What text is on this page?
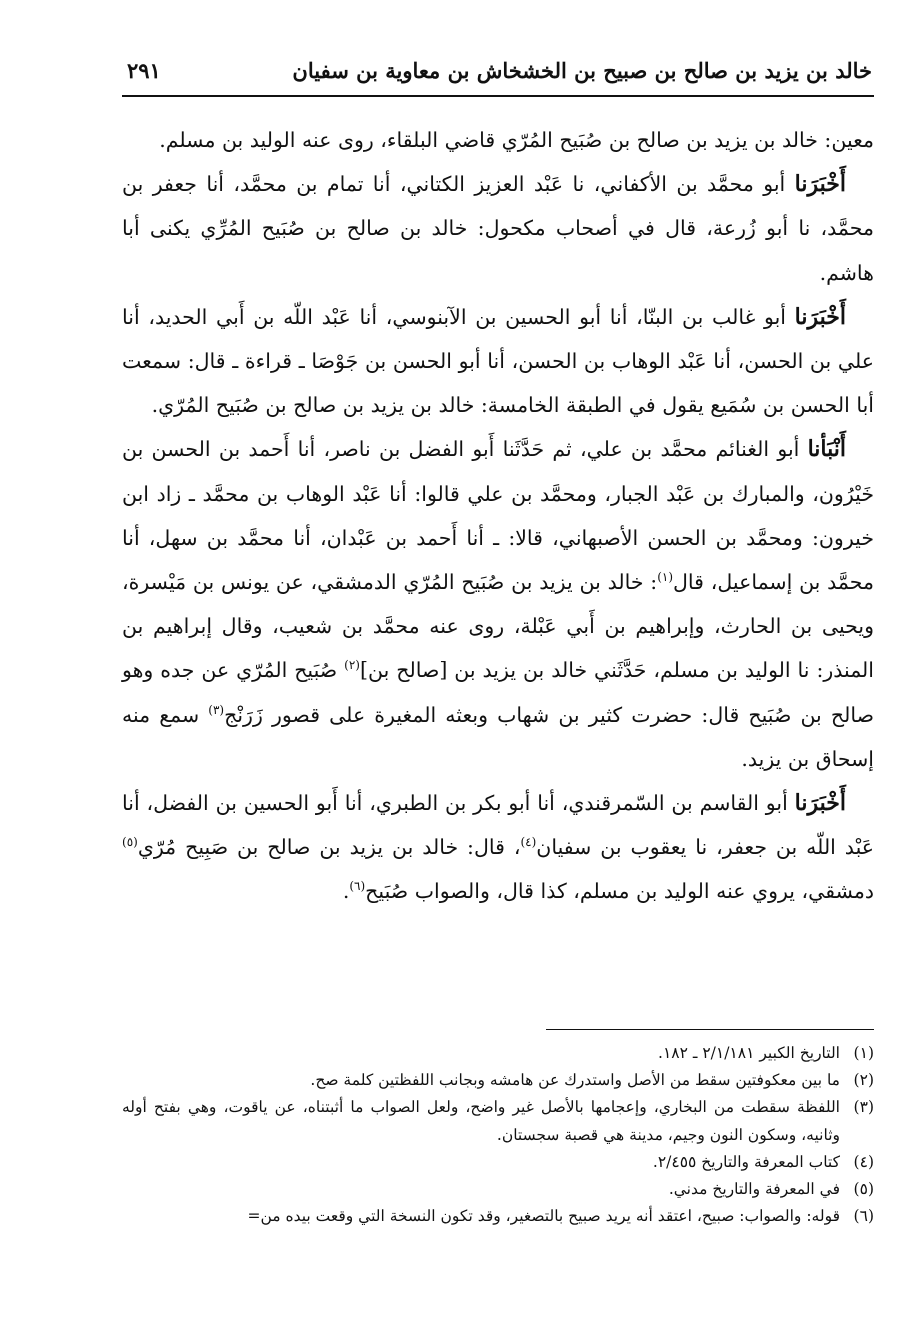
خالد بن يزيد بن صالح بن صبيح بن الخشخاش بن معاوية بن سفيان
٢٩١

معين: خالد بن يزيد بن صالح بن صُبَيح المُرّي قاضي البلقاء، روى عنه الوليد بن مسلم.

أَخْبَرَنا أبو محمَّد بن الأكفاني، نا عَبْد العزيز الكتاني، أنا تمام بن محمَّد، أنا جعفر بن محمَّد، نا أبو زُرعة، قال في أصحاب مكحول: خالد بن صالح بن صُبَيح المُرِّي يكنى أبا هاشم.

أَخْبَرَنا أبو غالب بن البنّا، أنا أبو الحسين بن الآبنوسي، أنا عَبْد اللّه بن أَبي الحديد، أنا علي بن الحسن، أنا عَبْد الوهاب بن الحسن، أنا أبو الحسن بن جَوْصَا ـ قراءة ـ قال: سمعت أبا الحسن بن سُمَيع يقول في الطبقة الخامسة: خالد بن يزيد بن صالح بن صُبَيح المُرّي.

أَنْبَأنا أبو الغنائم محمَّد بن علي، ثم حَدَّثَنا أَبو الفضل بن ناصر، أنا أَحمد بن الحسن بن خَيْرُون، والمبارك بن عَبْد الجبار، ومحمَّد بن علي قالوا: أنا عَبْد الوهاب بن محمَّد ـ زاد ابن خيرون: ومحمَّد بن الحسن الأصبهاني، قالا: ـ أنا أَحمد بن عَبْدان، أنا محمَّد بن سهل، أنا محمَّد بن إسماعيل، قال$^{(١)}$: خالد بن يزيد بن صُبَيح المُرّي الدمشقي، عن يونس بن مَيْسرة، ويحيى بن الحارث، وإبراهيم بن أَبي عَبْلة، روى عنه محمَّد بن شعيب، وقال إبراهيم بن المنذر: نا الوليد بن مسلم، حَدَّثَني خالد بن يزيد بن [صالح بن]$^{(٢)}$ صُبَيح المُرّي عن جده وهو صالح بن صُبَيح قال: حضرت كثير بن شهاب وبعثه المغيرة على قصور زَرَنْج$^{(٣)}$ سمع منه إسحاق بن يزيد.

أَخْبَرَنا أبو القاسم بن السّمرقندي، أنا أبو بكر بن الطبري، أنا أَبو الحسين بن الفضل، أنا عَبْد اللّه بن جعفر، نا يعقوب بن سفيان$^{(٤)}$، قال: خالد بن يزيد بن صالح بن صَبِيح مُرّي$^{(٥)}$ دمشقي، يروي عنه الوليد بن مسلم، كذا قال، والصواب صُبَيح$^{(٦)}$.

(١)
التاريخ الكبير ٢/١/١٨١ ـ ١٨٢.
(٢)
ما بين معكوفتين سقط من الأصل واستدرك عن هامشه وبجانب اللفظتين كلمة صح.
(٣)
اللفظة سقطت من البخاري، وإعجامها بالأصل غير واضح، ولعل الصواب ما أثبتناه، عن ياقوت، وهي بفتح أوله وثانيه، وسكون النون وجيم، مدينة هي قصبة سجستان.
(٤)
كتاب المعرفة والتاريخ ٢/٤٥٥.
(٥)
في المعرفة والتاريخ مدني.
(٦)
قوله: والصواب: صبيح، اعتقد أنه يريد صبيح بالتصغير، وقد تكون النسخة التي وقعت بيده من=
